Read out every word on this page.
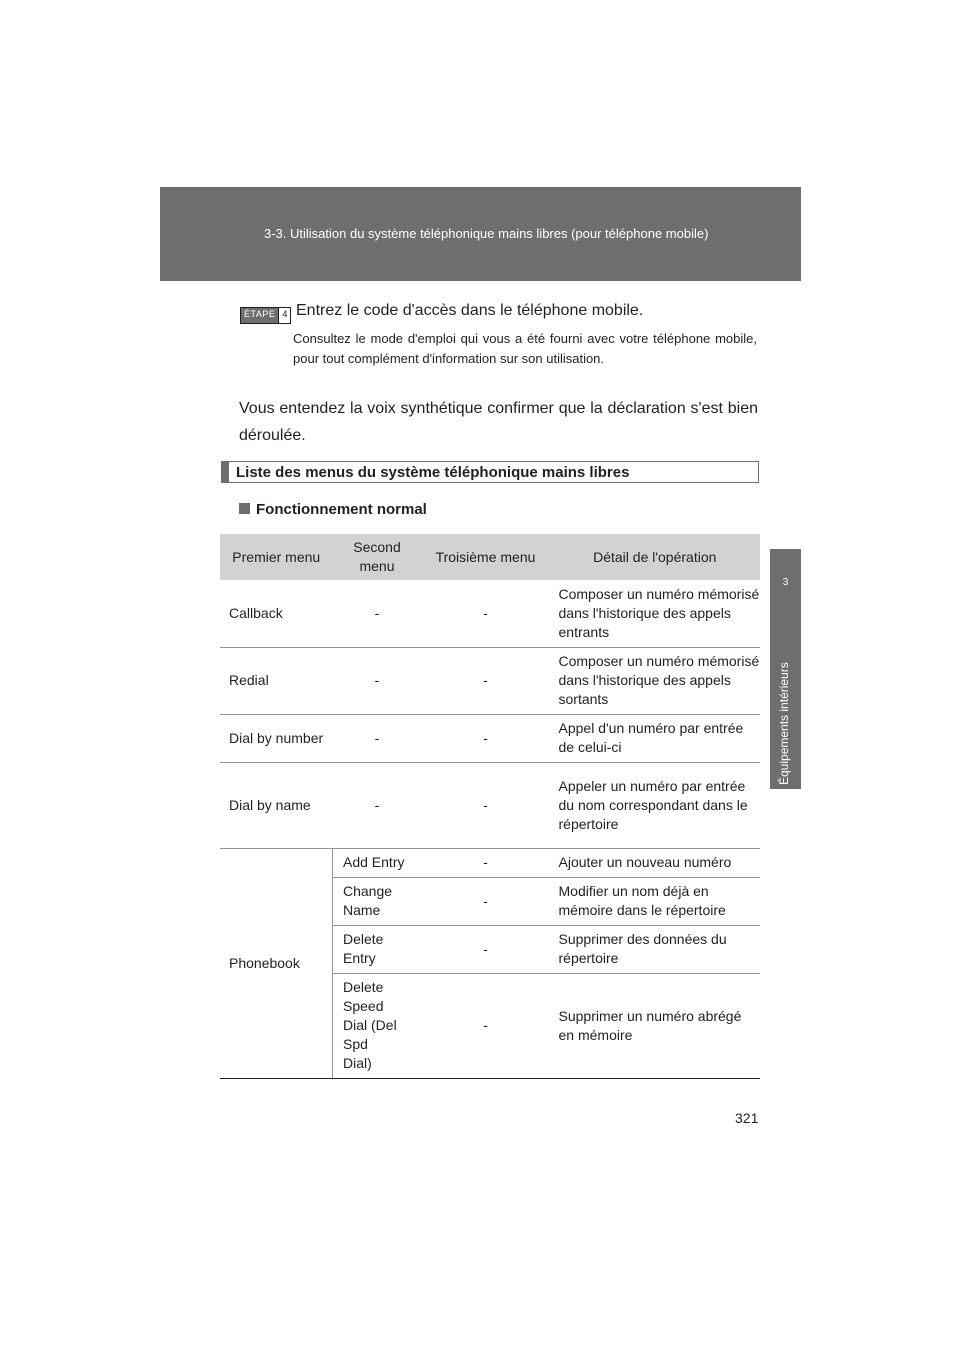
3-3. Utilisation du système téléphonique mains libres (pour téléphone mobile)
3
Équipements intérieurs
ÉTAPE 4 Entrez le code d'accès dans le téléphone mobile.
Consultez le mode d'emploi qui vous a été fourni avec votre téléphone mobile, pour tout complément d'information sur son utilisation.
Vous entendez la voix synthétique confirmer que la déclaration s'est bien déroulée.
Liste des menus du système téléphonique mains libres
Fonctionnement normal
Premier menu	Second menu	Troisième menu	Détail de l'opération
Callback	-	-	Composer un numéro mémorisé dans l'historique des appels entrants
Redial	-	-	Composer un numéro mémorisé dans l'historique des appels sortants
Dial by number	-	-	Appel d'un numéro par entrée de celui-ci
Dial by name	-	-	Appeler un numéro par entrée du nom correspondant dans le répertoire
Phonebook	Add Entry	-	Ajouter un nouveau numéro
	Change Name	-	Modifier un nom déjà en mémoire dans le répertoire
	Delete Entry	-	Supprimer des données du répertoire
	Delete Speed Dial (Del Spd Dial)	-	Supprimer un numéro abrégé en mémoire
321
